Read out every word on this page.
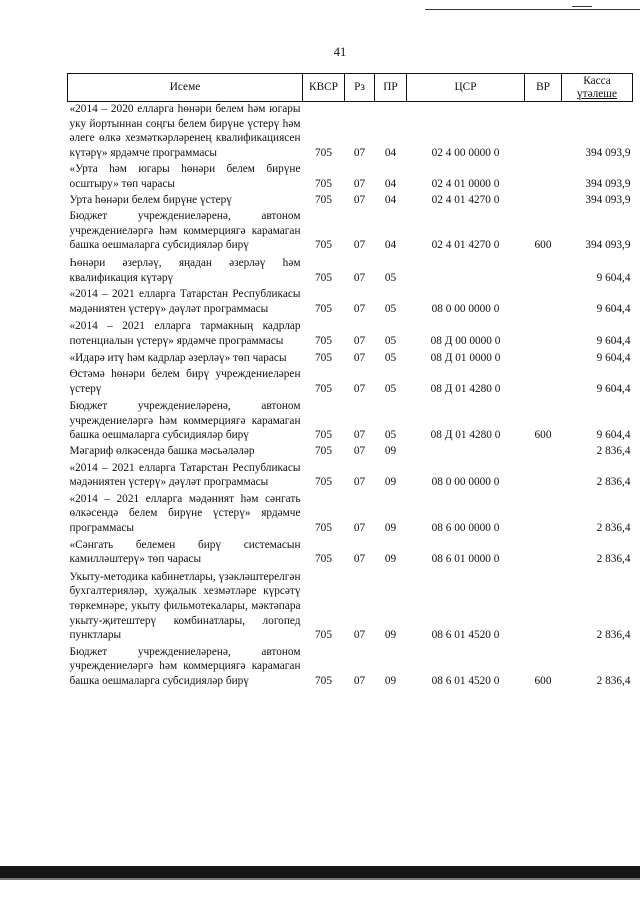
41
Исеме	КВСР	Рз	ПР	ЦСР	ВР	Касса
үтәлеше
«2014 – 2020 елларга һөнәри белем һәм югары уку йортыннан соңгы белем бирүне үстерү һәм әлеге өлкә хезмәткәрләренең квалификациясен күтәрү» ярдәмче программасы	705	07	04	02 4 00 0000 0		394 093,9
«Урта һәм югары һөнәри белем бирүне осштыру» төп чарасы	705	07	04	02 4 01 0000 0		394 093,9
Урта һөнәри белем бирүне үстерү	705	07	04	02 4 01 4270 0		394 093,9
Бюджет учреждениеләренә, автоном учреждениеләргә һәм коммерциягә карамаган башка оешмаларга субсидияләр бирү	705	07	04	02 4 01 4270 0	600	394 093,9
Һөнәри әзерләү, яңадан әзерләү һәм квалификация күтәрү	705	07	05			9 604,4
«2014 – 2021 елларга Татарстан Республикасы мәдәниятен үстерү» дәүләт программасы	705	07	05	08 0 00 0000 0		9 604,4
«2014 – 2021 елларга тармакның кадрлар потенциалын үстерү» ярдәмче программасы	705	07	05	08 Д 00 0000 0		9 604,4
«Идарә итү һәм кадрлар әзерләү» төп чарасы	705	07	05	08 Д 01 0000 0		9 604,4
Өстәмә һөнәри белем бирү учреждениеләрен үстерү	705	07	05	08 Д 01 4280 0		9 604,4
Бюджет учреждениеләренә, автоном учреждениеләргә һәм коммерциягә карамаган башка оешмаларга субсидияләр бирү	705	07	05	08 Д 01 4280 0	600	9 604,4
Мәгариф өлкәсендә башка мәсьәләләр	705	07	09			2 836,4
«2014 – 2021 елларга Татарстан Республикасы мәдәниятен үстерү» дәүләт программасы	705	07	09	08 0 00 0000 0		2 836,4
«2014 – 2021 елларга мәдәният һәм сәнгать өлкәсендә белем бирүне үстерү» ярдәмче программасы	705	07	09	08 6 00 0000 0		2 836,4
«Сәнгать белемен бирү системасын камилләштерү» төп чарасы	705	07	09	08 6 01 0000 0		2 836,4
Укыту-методика кабинетлары, үзәкләштерелгән бухгалтерияләр, хуҗалык хезмәтләре күрсәтү төркемнәре, укыту фильмотекалары, мәктәпара укыту-җитештерү комбинатлары, логопед пунктлары	705	07	09	08 6 01 4520 0		2 836,4
Бюджет учреждениеләренә, автоном учреждениеләргә һәм коммерциягә карамаган башка оешмаларга субсидияләр бирү	705	07	09	08 6 01 4520 0	600	2 836,4
